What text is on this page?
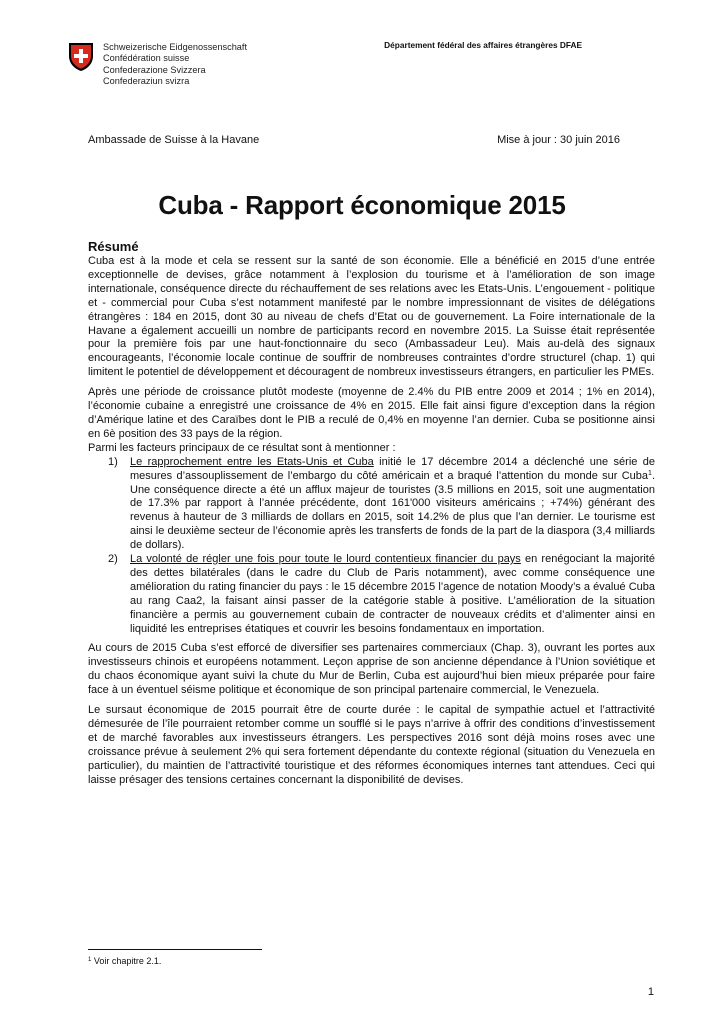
Schweizerische Eidgenossenschaft
Confédération suisse
Confederazione Svizzera
Confederaziun svizra
Département fédéral des affaires étrangères DFAE
Ambassade de Suisse à la Havane	Mise à jour : 30 juin 2016
Cuba - Rapport économique 2015
Résumé

Cuba est à la mode et cela se ressent sur la santé de son économie. Elle a bénéficié en 2015 d’une entrée exceptionnelle de devises, grâce notamment à l’explosion du tourisme et à l’amélioration de son image internationale, conséquence directe du réchauffement de ses relations avec les Etats-Unis. L’engouement - politique et - commercial pour Cuba s’est notamment manifesté par le nombre impressionnant de visites de délégations étrangères : 184 en 2015, dont 30 au niveau de chefs d’Etat ou de gouvernement. La Foire internationale de la Havane a également accueilli un nombre de participants record en novembre 2015. La Suisse était représentée pour la première fois par une haut-fonctionnaire du seco (Ambassadeur Leu). Mais au-delà des signaux encourageants, l’économie locale continue de souffrir de nombreuses contraintes d’ordre structurel (chap. 1) qui limitent le potentiel de développement et découragent de nombreux investisseurs étrangers, en particulier les PMEs.

Après une période de croissance plutôt modeste (moyenne de 2.4% du PIB entre 2009 et 2014 ; 1% en 2014), l’économie cubaine a enregistré une croissance de 4% en 2015. Elle fait ainsi figure d’exception dans la région d’Amérique latine et des Caraïbes dont le PIB a reculé de 0,4% en moyenne l’an dernier. Cuba se positionne ainsi en 6è position des 33 pays de la région.

Parmi les facteurs principaux de ce résultat sont à mentionner :

1) Le rapprochement entre les Etats-Unis et Cuba initié le 17 décembre 2014 a déclenché une série de mesures d’assouplissement de l’embargo du côté américain et a braqué l’attention du monde sur Cuba$^1$. Une conséquence directe a été un afflux majeur de touristes (3.5 millions en 2015, soit une augmentation de 17.3% par rapport à l’année précédente, dont 161'000 visiteurs américains ; +74%) générant des revenus à hauteur de 3 milliards de dollars en 2015, soit 14.2% de plus que l’an dernier. Le tourisme est ainsi le deuxième secteur de l’économie après les transferts de fonds de la part de la diaspora (3,4 milliards de dollars).
2) La volonté de régler une fois pour toute le lourd contentieux financier du pays en renégociant la majorité des dettes bilatérales (dans le cadre du Club de Paris notamment), avec comme conséquence une amélioration du rating financier du pays : le 15 décembre 2015 l’agence de notation Moody’s a évalué Cuba au rang Caa2, la faisant ainsi passer de la catégorie stable à positive. L’amélioration de la situation financière a permis au gouvernement cubain de contracter de nouveaux crédits et d’alimenter ainsi en liquidité les entreprises étatiques et couvrir les besoins fondamentaux en importation.

Au cours de 2015 Cuba s’est efforcé de diversifier ses partenaires commerciaux (Chap. 3), ouvrant les portes aux investisseurs chinois et européens notamment. Leçon apprise de son ancienne dépendance à l’Union soviétique et du chaos économique ayant suivi la chute du Mur de Berlin, Cuba est aujourd’hui bien mieux préparée pour faire face à un éventuel séisme politique et économique de son principal partenaire commercial, le Venezuela.

Le sursaut économique de 2015 pourrait être de courte durée : le capital de sympathie actuel et l’attractivité démesurée de l’île pourraient retomber comme un soufflé si le pays n’arrive à offrir des conditions d’investissement et de marché favorables aux investisseurs étrangers. Les perspectives 2016 sont déjà moins roses avec une croissance prévue à seulement 2% qui sera fortement dépendante du contexte régional (situation du Venezuela en particulier), du maintien de l’attractivité touristique et des réformes économiques internes tant attendues. Ceci qui laisse présager des tensions certaines concernant la disponibilité de devises.

$^1$ Voir chapitre 2.1.
1
